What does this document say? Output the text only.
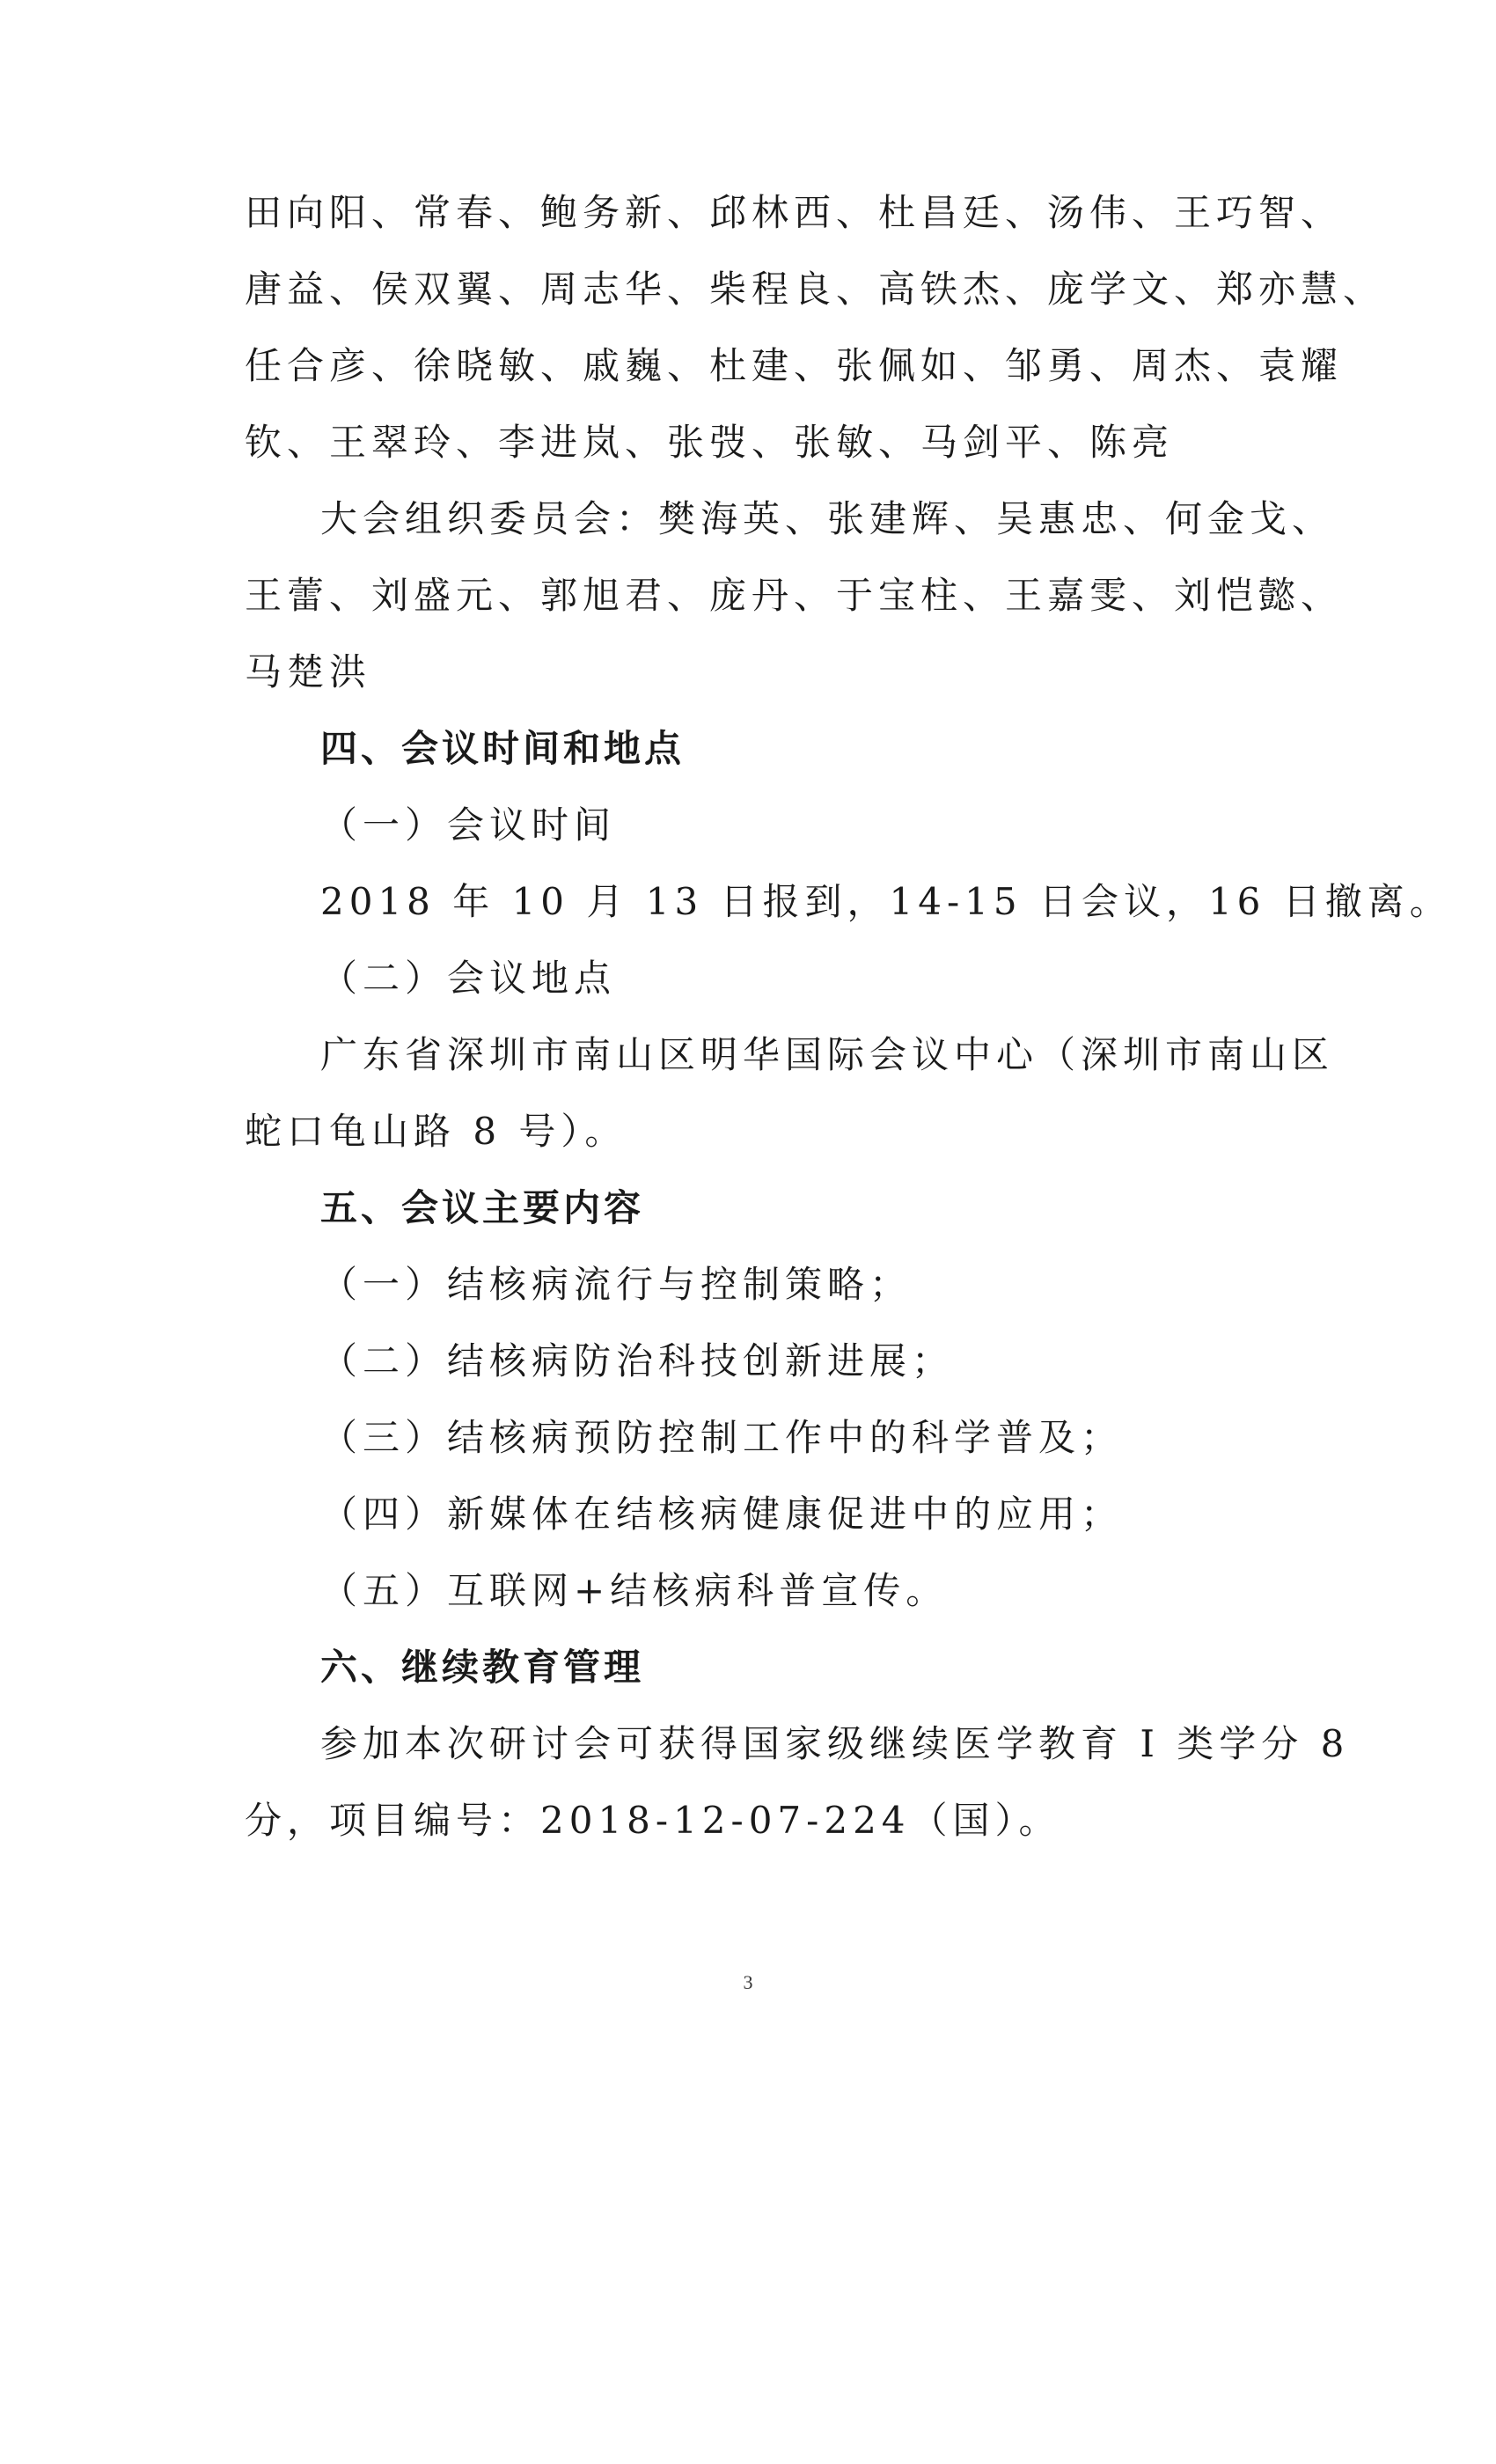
田向阳、常春、鲍务新、邱林西、杜昌廷、汤伟、王巧智、
唐益、侯双翼、周志华、柴程良、高铁杰、庞学文、郑亦慧、
任合彦、徐晓敏、戚巍、杜建、张佩如、邹勇、周杰、袁耀
钦、王翠玲、李进岚、张弢、张敏、马剑平、陈亮
大会组织委员会：樊海英、张建辉、吴惠忠、何金戈、
王蕾、刘盛元、郭旭君、庞丹、于宝柱、王嘉雯、刘恺懿、
马楚洪
四、会议时间和地点
（一）会议时间
2018 年 10 月 13 日报到，14-15 日会议，16 日撤离。
（二）会议地点
广东省深圳市南山区明华国际会议中心（深圳市南山区
蛇口龟山路 8 号）。
五、会议主要内容
（一）结核病流行与控制策略；
（二）结核病防治科技创新进展；
（三）结核病预防控制工作中的科学普及；
（四）新媒体在结核病健康促进中的应用；
（五）互联网+结核病科普宣传。
六、继续教育管理
参加本次研讨会可获得国家级继续医学教育 I 类学分 8
分，项目编号：2018-12-07-224（国）。
3
